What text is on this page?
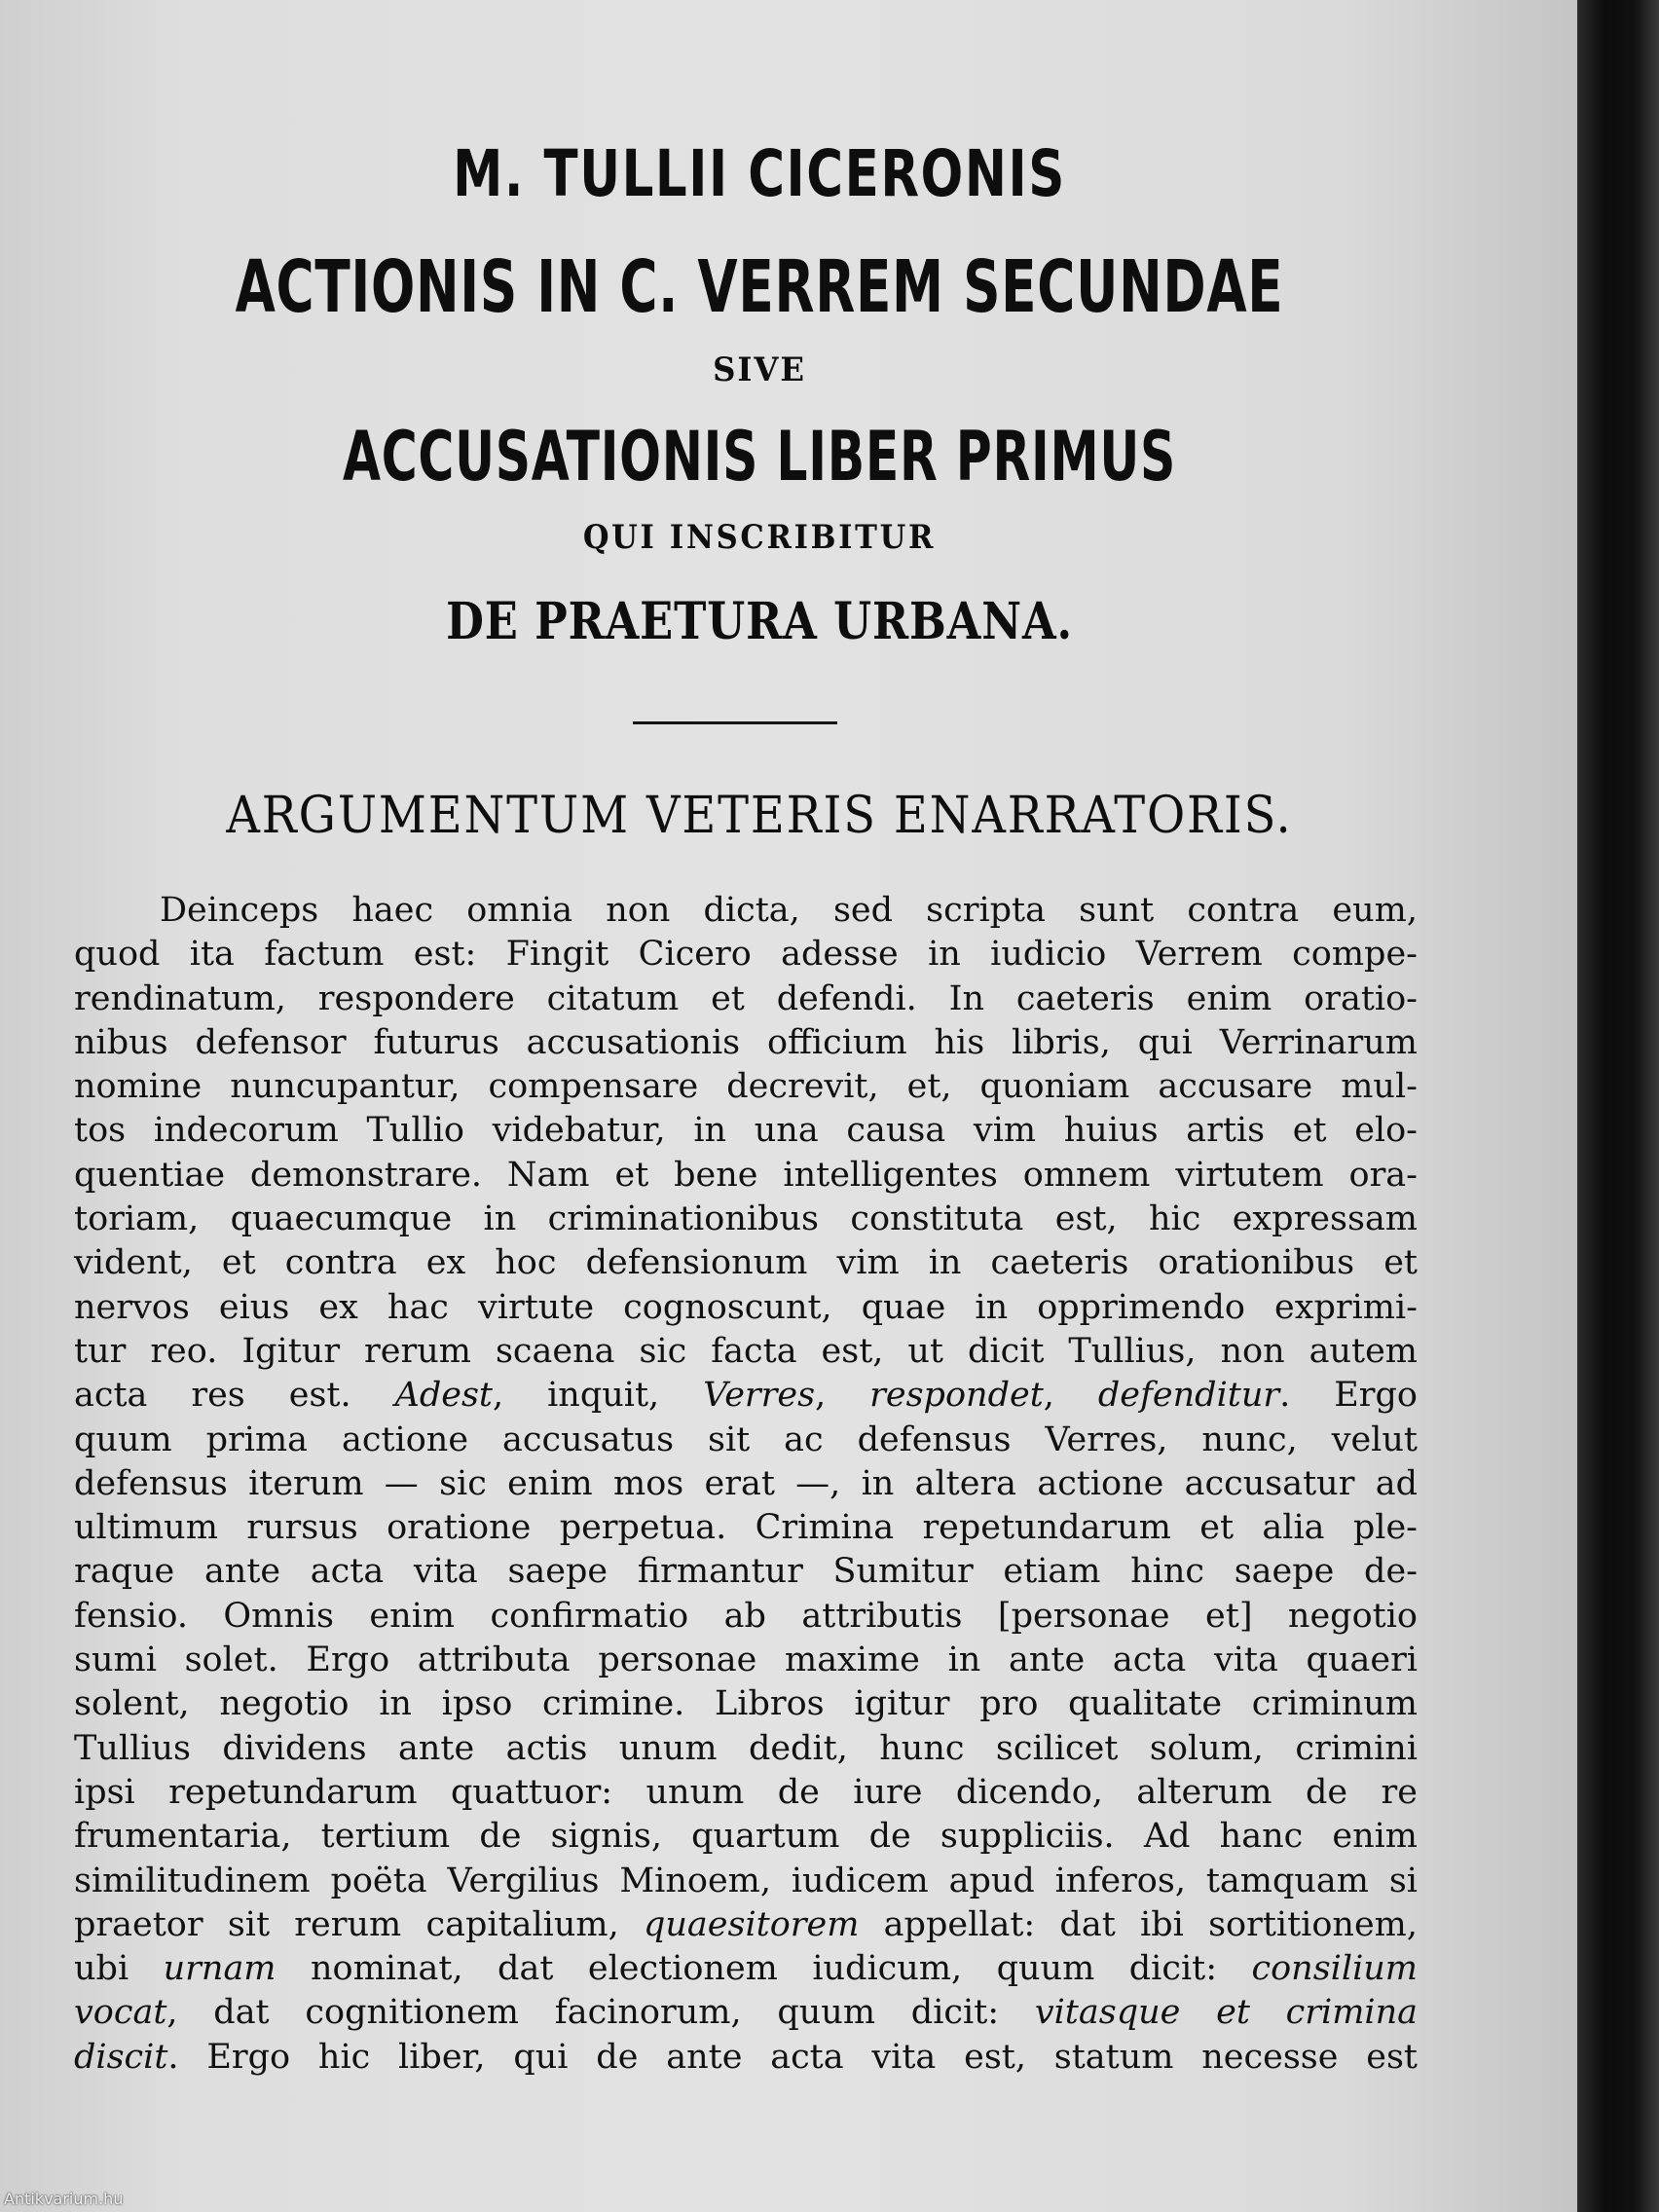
M. TULLII CICERONIS
ACTIONIS IN C. VERREM SECUNDAE
SIVE
ACCUSATIONIS LIBER PRIMUS
QUI INSCRIBITUR
DE PRAETURA URBANA.
ARGUMENTUM VETERIS ENARRATORIS.
Deinceps haec omnia non dicta, sed scripta sunt contra eum,
quod ita factum est: Fingit Cicero adesse in iudicio Verrem compe-
rendinatum, respondere citatum et defendi. In caeteris enim oratio-
nibus defensor futurus accusationis officium his libris, qui Verrinarum
nomine nuncupantur, compensare decrevit, et, quoniam accusare mul-
tos indecorum Tullio videbatur, in una causa vim huius artis et elo-
quentiae demonstrare. Nam et bene intelligentes omnem virtutem ora-
toriam, quaecumque in criminationibus constituta est, hic expressam
vident, et contra ex hoc defensionum vim in caeteris orationibus et
nervos eius ex hac virtute cognoscunt, quae in opprimendo exprimi-
tur reo. Igitur rerum scaena sic facta est, ut dicit Tullius, non autem
acta res est. Adest, inquit, Verres, respondet, defenditur. Ergo
quum prima actione accusatus sit ac defensus Verres, nunc, velut
defensus iterum — sic enim mos erat —, in altera actione accusatur ad
ultimum rursus oratione perpetua. Crimina repetundarum et alia ple-
raque ante acta vita saepe firmantur Sumitur etiam hinc saepe de-
fensio. Omnis enim confirmatio ab attributis [personae et] negotio
sumi solet. Ergo attributa personae maxime in ante acta vita quaeri
solent, negotio in ipso crimine. Libros igitur pro qualitate criminum
Tullius dividens ante actis unum dedit, hunc scilicet solum, crimini
ipsi repetundarum quattuor: unum de iure dicendo, alterum de re
frumentaria, tertium de signis, quartum de suppliciis. Ad hanc enim
similitudinem poëta Vergilius Minoem, iudicem apud inferos, tamquam si
praetor sit rerum capitalium, quaesitorem appellat: dat ibi sortitionem,
ubi urnam nominat, dat electionem iudicum, quum dicit: consilium
vocat, dat cognitionem facinorum, quum dicit: vitasque et crimina
discit. Ergo hic liber, qui de ante acta vita est, statum necesse est
Antikvarium.hu
